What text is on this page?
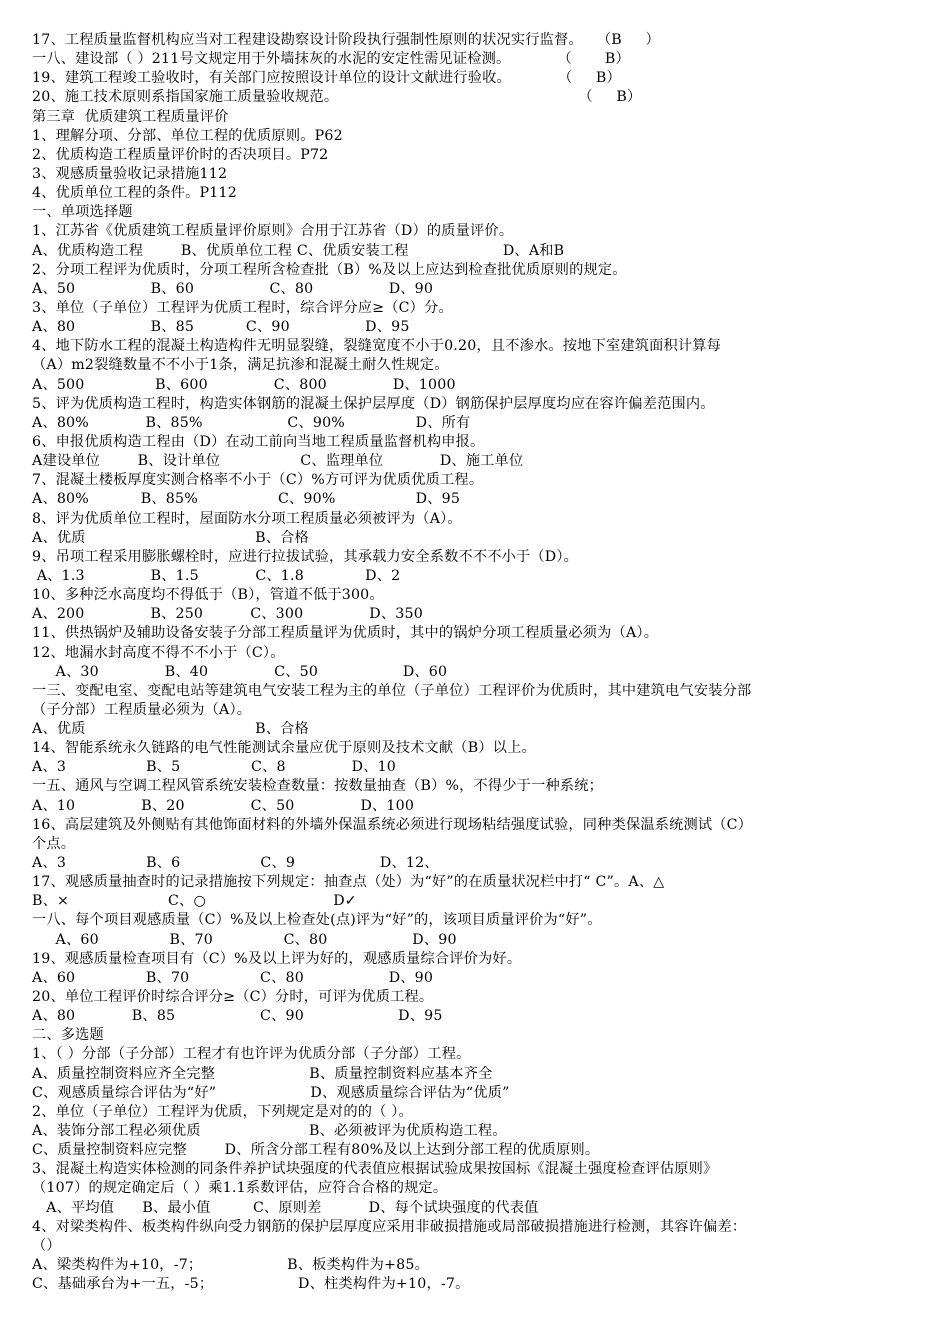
17、工程质量监督机构应当对工程建设勘察设计阶段执行强制性原则的状况实行监督。   （B     ）
一八、建设部（ ）211号文规定用于外墙抹灰的水泥的安定性需见证检测。          （       B）
19、建筑工程竣工验收时，有关部门应按照设计单位的设计文献进行验收。          （     B）
20、施工技术原则系指国家施工质量验收规范。                                                   （     B）
第三章  优质建筑工程质量评价
1、理解分项、分部、单位工程的优质原则。P62
2、优质构造工程质量评价时的否决项目。P72
3、观感质量验收记录措施112
4、优质单位工程的条件。P112
一、单项选择题
1、江苏省《优质建筑工程质量评价原则》合用于江苏省（D）的质量评价。
A、优质构造工程        B、优质单位工程 C、优质安装工程                    D、A和B
2、分项工程评为优质时，分项工程所含检查批（B）%及以上应达到检查批优质原则的规定。
A、50                B、60                C、80                D、90
3、单位（子单位）工程评为优质工程时，综合评分应≥（C）分。
A、80                B、85           C、90                D、95
4、地下防水工程的混凝土构造构件无明显裂缝，裂缝宽度不小于0.20，且不渗水。按地下室建筑面积计算每
（A）m2裂缝数量不不小于1条，满足抗渗和混凝土耐久性规定。
A、500               B、600              C、800              D、1000
5、评为优质构造工程时，构造实体钢筋的混凝土保护层厚度（D）钢筋保护层厚度均应在容许偏差范围内。
A、80%            B、85%                  C、90%               D、所有
6、申报优质构造工程由（D）在动工前向当地工程质量监督机构申报。
A建设单位        B、设计单位                 C、监理单位            D、施工单位
7、混凝土楼板厚度实测合格率不小于（C）%方可评为优质优质工程。
A、80%           B、85%                 C、90%                 D、95
8、评为优质单位工程时，屋面防水分项工程质量必须被评为（A）。
A、优质                                    B、合格
9、吊项工程采用膨胀螺栓时，应进行拉拔试验，其承载力安全系数不不不小于（D）。
A、1.3              B、1.5            C、1.8             D、2
10、多种泛水高度均不得低于（B），管道不低于300。
A、200              B、250          C、300              D、350
11、供热锅炉及辅助设备安装子分部工程质量评为优质时，其中的锅炉分项工程质量必须为（A）。
12、地漏水封高度不得不不小于（C）。
A、30              B、40              C、50                  D、60
一三、变配电室、变配电站等建筑电气安装工程为主的单位（子单位）工程评价为优质时，其中建筑电气安装分部
（子分部）工程质量必须为（A）。
A、优质                                    B、合格
14、智能系统永久链路的电气性能测试余量应优于原则及技术文献（B）以上。
A、3                 B、5               C、8              D、10
一五、通风与空调工程风管系统安装检查数量：按数量抽查（B）%，不得少于一种系统；
A、10              B、20              C、50              D、100
16、高层建筑及外侧贴有其他饰面材料的外墙外保温系统必须进行现场粘结强度试验，同种类保温系统测试（C）
个点。
A、3                 B、6                 C、9                  D、12、
17、观感质量抽查时的记录措施按下列规定：抽查点（处）为“好”的在质量状况栏中打“ C”。A、△
B、×                     C、○                           D✓
一八、每个项目观感质量（C）%及以上检查处(点)评为“好”的，该项目质量评价为“好”。
A、60               B、70               C、80                  D、90
19、观感质量检查项目有（C）%及以上评为好的，观感质量综合评价为好。
A、60               B、70               C、80                  D、90
20、单位工程评价时综合评分≥（C）分时，可评为优质工程。
A、80            B、85                  C、90                    D、95
二、多选题
1、（ ）分部（子分部）工程才有也许评为优质分部（子分部）工程。
A、质量控制资料应齐全完整                    B、质量控制资料应基本齐全
C、观感质量综合评估为“好”                    D、观感质量综合评估为“优质”
2、单位（子单位）工程评为优质，下列规定是对的的（ ）。
A、装饰分部工程必须优质                       B、必须被评为优质构造工程。
C、质量控制资料应完整        D、所含分部工程有80%及以上达到分部工程的优质原则。
3、混凝土构造实体检测的同条件养护试块强度的代表值应根据试验成果按国标《混凝土强度检查评估原则》
（107）的规定确定后（ ）乘1.1系数评估，应符合合格的规定。
A、平均值      B、最小值         C、原则差          D、每个试块强度的代表值
4、对梁类构件、板类构件纵向受力钢筋的保护层厚度应采用非破损措施或局部破损措施进行检测，其容许偏差：
（）
A、梁类构件为+10，-7；                  B、板类构件为+85。
C、基础承台为+一五，-5；                  D、柱类构件为+10，-7。
